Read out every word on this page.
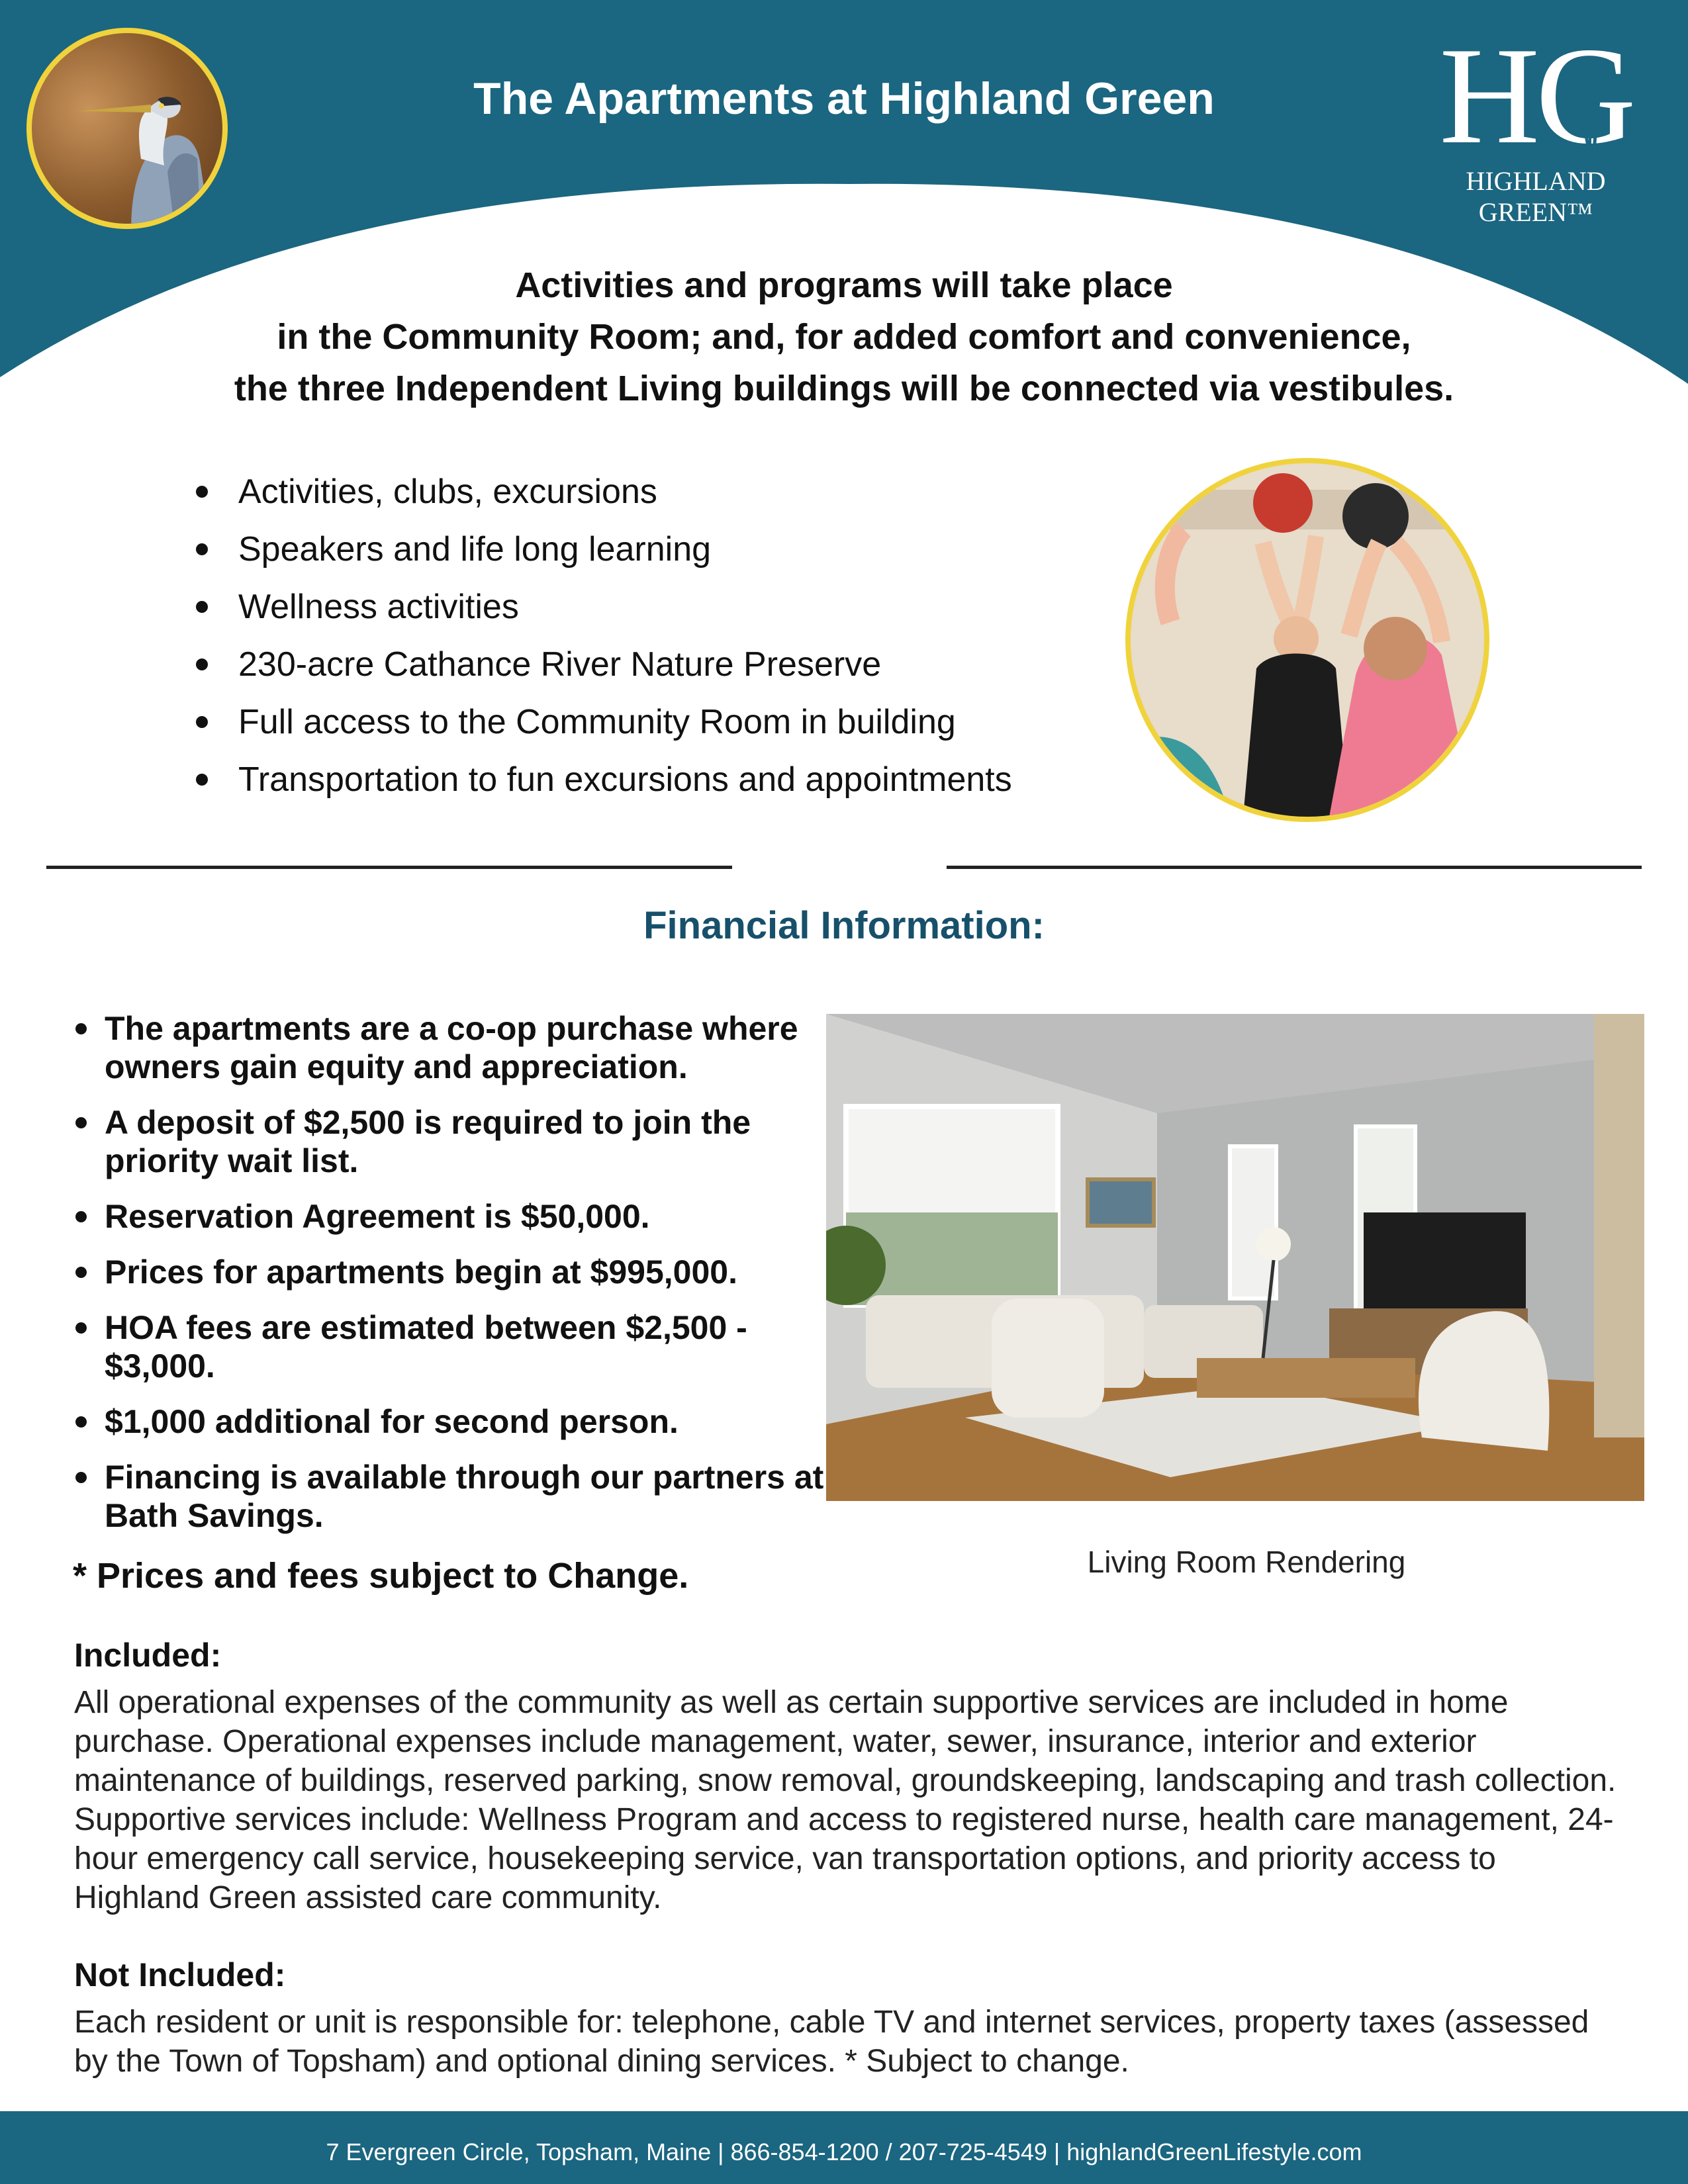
The Apartments at Highland Green	HG
HIGHLAND GREEN™
Activities and programs will take place
in the Community Room; and, for added comfort and convenience,
the three Independent Living buildings will be connected via vestibules.
Activities, clubs, excursions
Speakers and life long learning
Wellness activities
230-acre Cathance River Nature Preserve
Full access to the Community Room in building
Transportation to fun excursions and appointments
Financial Information:
The apartments are a co-op purchase where owners gain equity and appreciation.
A deposit of $2,500 is required to join the priority wait list.
Reservation Agreement is $50,000.
Prices for apartments begin at $995,000.
HOA fees are estimated between $2,500 - $3,000.
$1,000 additional for second person.
Financing is available through our partners at Bath Savings.
* Prices and fees subject to Change.	Living Room Rendering
Included:
All operational expenses of the community as well as certain supportive services are included in home purchase. Operational expenses include management, water, sewer, insurance, interior and exterior maintenance of buildings, reserved parking, snow removal, groundskeeping, landscaping and trash collection. Supportive services include: Wellness Program and access to registered nurse, health care management, 24-hour emergency call service, housekeeping service, van transportation options, and priority access to Highland Green assisted care community.
Not Included:
Each resident or unit is responsible for: telephone, cable TV and internet services, property taxes (assessed by the Town of Topsham) and optional dining services. * Subject to change.
7 Evergreen Circle, Topsham, Maine | 866-854-1200 / 207-725-4549 | highlandGreenLifestyle.com
